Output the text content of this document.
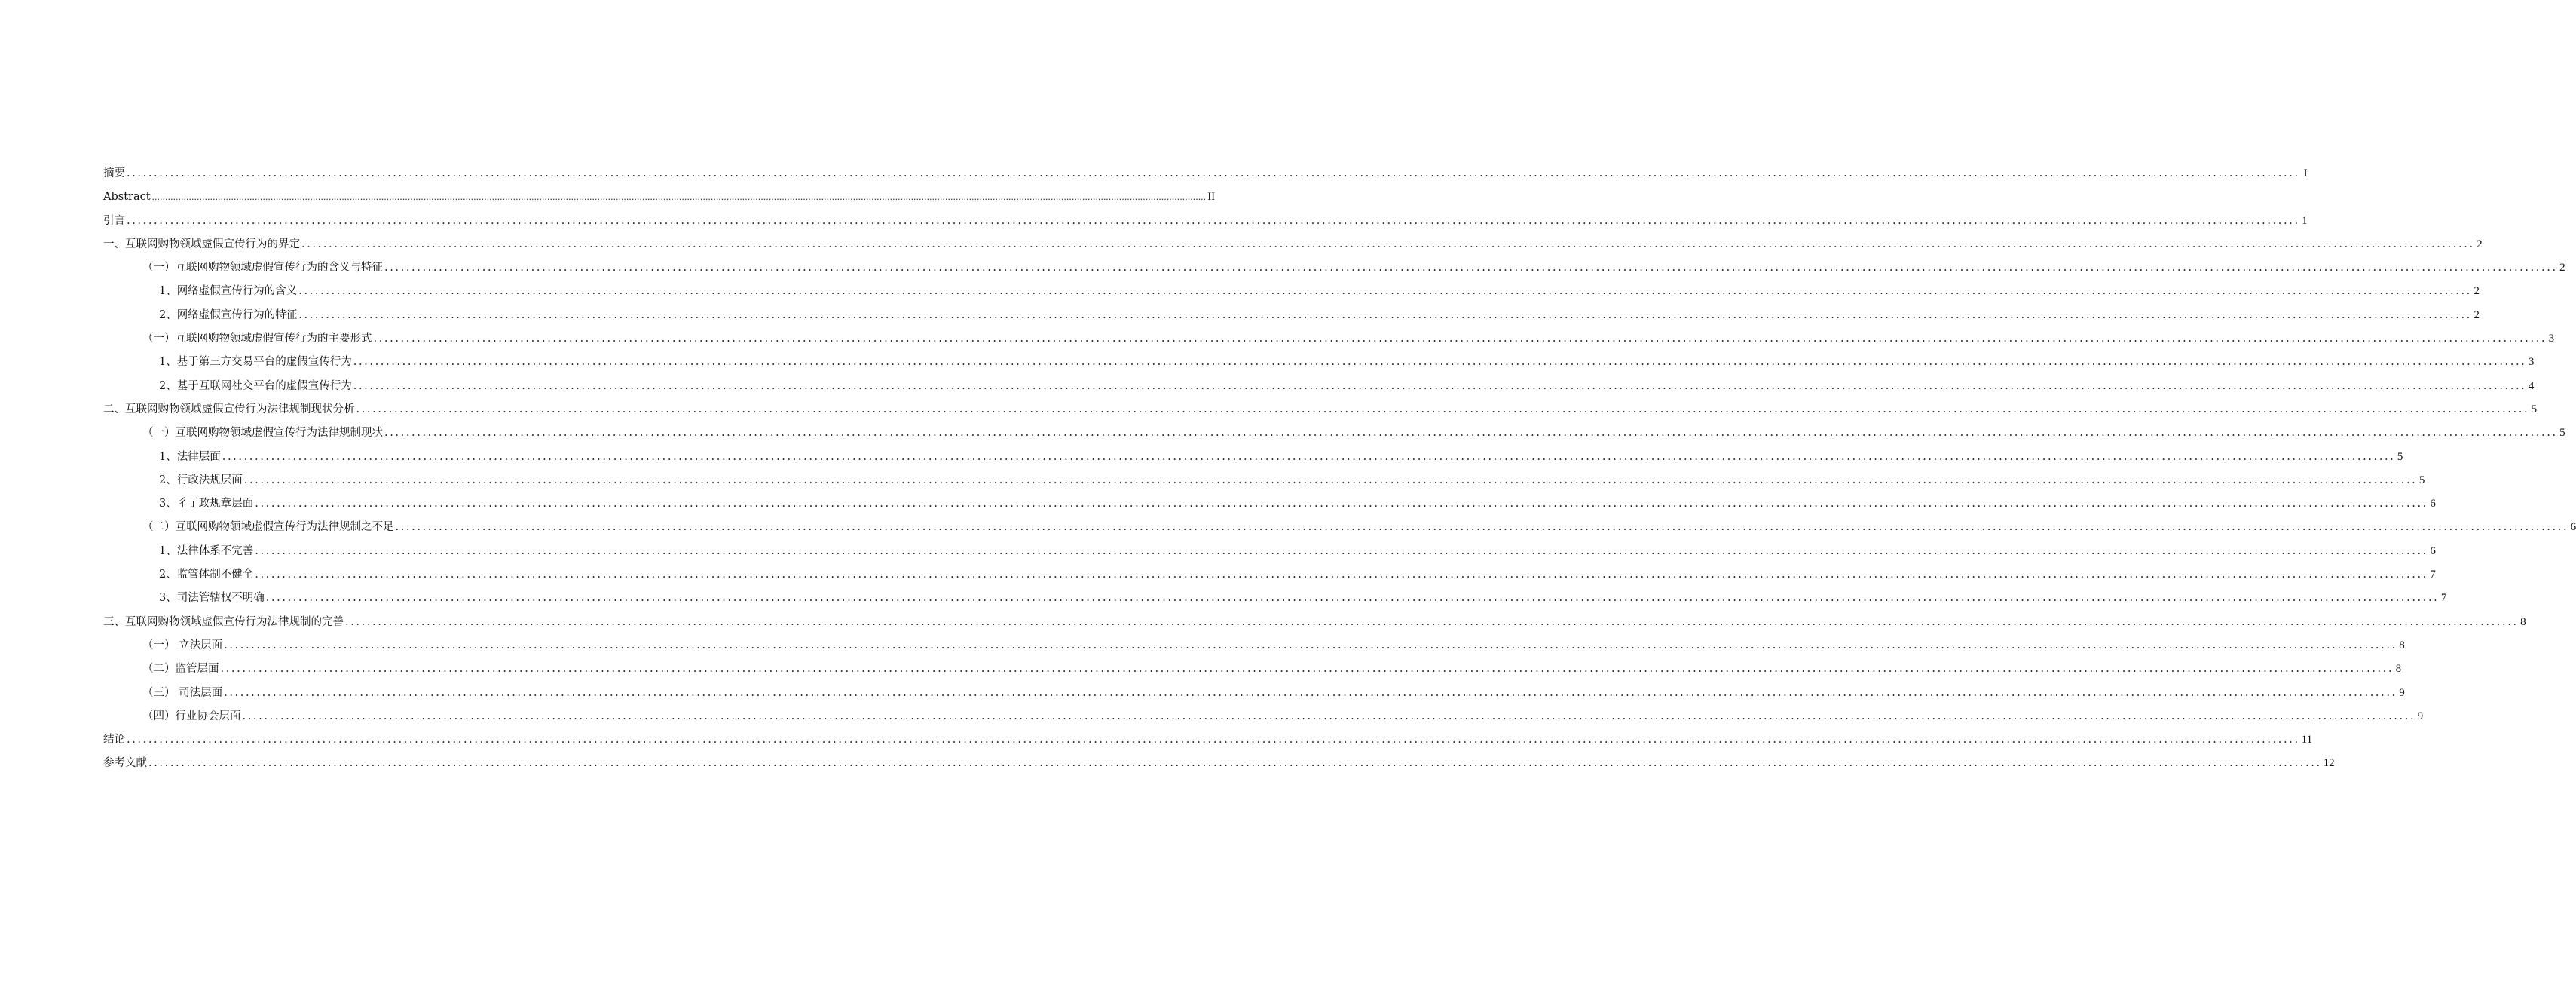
摘要 ................................................................................................................................................................................................................................................................................................................................................................................................................ I
Abstract ................................................................................................................................................................................................................................................................................................................................................................................................................ II
引言 ................................................................................................................................................................................................................................................................................................................................................................................................................ 1
一、互联网购物领域虚假宣传行为的界定 ................................................................................................................................................................................................................................................................................................................................................................................................................ 2
（一）互联网购物领域虚假宣传行为的含义与特征 ................................................................................................................................................................................................................................................................................................................................................................................................................ 2
1、网络虚假宣传行为的含义 ................................................................................................................................................................................................................................................................................................................................................................................................................ 2
2、网络虚假宣传行为的特征 ................................................................................................................................................................................................................................................................................................................................................................................................................ 2
（一）互联网购物领域虚假宣传行为的主要形式 ................................................................................................................................................................................................................................................................................................................................................................................................................ 3
1、基于第三方交易平台的虚假宣传行为 ................................................................................................................................................................................................................................................................................................................................................................................................................ 3
2、基于互联网社交平台的虚假宣传行为 ................................................................................................................................................................................................................................................................................................................................................................................................................ 4
二、互联网购物领域虚假宣传行为法律规制现状分析 ................................................................................................................................................................................................................................................................................................................................................................................................................ 5
（一）互联网购物领域虚假宣传行为法律规制现状 ................................................................................................................................................................................................................................................................................................................................................................................................................ 5
1、法律层面 ................................................................................................................................................................................................................................................................................................................................................................................................................ 5
2、行政法规层面 ................................................................................................................................................................................................................................................................................................................................................................................................................ 5
3、彳亍政规章层面 ................................................................................................................................................................................................................................................................................................................................................................................................................ 6
（二）互联网购物领域虚假宣传行为法律规制之不足 ................................................................................................................................................................................................................................................................................................................................................................................................................ 6
1、法律体系不完善 ................................................................................................................................................................................................................................................................................................................................................................................................................ 6
2、监管体制不健全 ................................................................................................................................................................................................................................................................................................................................................................................................................ 7
3、司法管辖权不明确 ................................................................................................................................................................................................................................................................................................................................................................................................................ 7
三、互联网购物领域虚假宣传行为法律规制的完善 ................................................................................................................................................................................................................................................................................................................................................................................................................ 8
（一） 立法层面 ................................................................................................................................................................................................................................................................................................................................................................................................................ 8
（二）监管层面 ................................................................................................................................................................................................................................................................................................................................................................................................................ 8
（三） 司法层面 ................................................................................................................................................................................................................................................................................................................................................................................................................ 9
（四）行业协会层面 ................................................................................................................................................................................................................................................................................................................................................................................................................ 9
结论 ................................................................................................................................................................................................................................................................................................................................................................................................................ 11
参考文献 ................................................................................................................................................................................................................................................................................................................................................................................................................ 12
